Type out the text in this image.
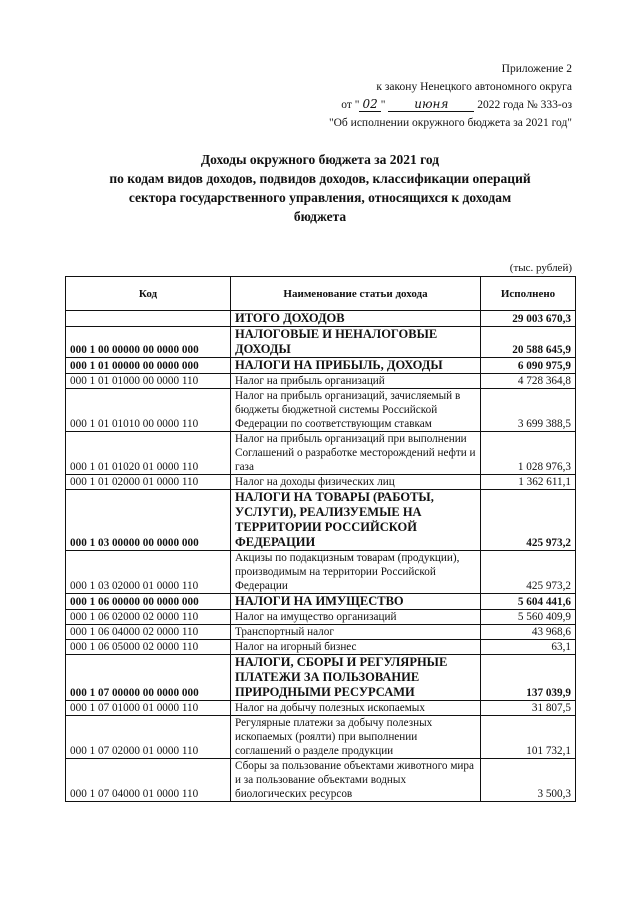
Приложение 2
к закону Ненецкого автономного округа
от " 02 " июня	2022 года № 333-оз
"Об исполнении окружного бюджета за 2021 год"
Доходы окружного бюджета за 2021 год
по кодам видов доходов, подвидов доходов, классификации операций
сектора государственного управления, относящихся к доходам
бюджета
(тыс. рублей)
Код	Наименование статьи дохода	Исполнено
	ИТОГО ДОХОДОВ	29 003 670,3
000 1 00 00000 00 0000 000	НАЛОГОВЫЕ И НЕНАЛОГОВЫЕ ДОХОДЫ	20 588 645,9
000 1 01 00000 00 0000 000	НАЛОГИ НА ПРИБЫЛЬ, ДОХОДЫ	6 090 975,9
000 1 01 01000 00 0000 110	Налог на прибыль организаций	4 728 364,8
000 1 01 01010 00 0000 110	Налог на прибыль организаций, зачисляемый в бюджеты бюджетной системы Российской Федерации по соответствующим ставкам	3 699 388,5
000 1 01 01020 01 0000 110	Налог на прибыль организаций при выполнении Соглашений о разработке месторождений нефти и газа	1 028 976,3
000 1 01 02000 01 0000 110	Налог на доходы физических лиц	1 362 611,1
000 1 03 00000 00 0000 000	НАЛОГИ НА ТОВАРЫ (РАБОТЫ, УСЛУГИ), РЕАЛИЗУЕМЫЕ НА ТЕРРИТОРИИ РОССИЙСКОЙ ФЕДЕРАЦИИ	425 973,2
000 1 03 02000 01 0000 110	Акцизы по подакцизным товарам (продукции), производимым на территории Российской Федерации	425 973,2
000 1 06 00000 00 0000 000	НАЛОГИ НА ИМУЩЕСТВО	5 604 441,6
000 1 06 02000 02 0000 110	Налог на имущество организаций	5 560 409,9
000 1 06 04000 02 0000 110	Транспортный налог	43 968,6
000 1 06 05000 02 0000 110	Налог на игорный бизнес	63,1
000 1 07 00000 00 0000 000	НАЛОГИ, СБОРЫ И РЕГУЛЯРНЫЕ ПЛАТЕЖИ ЗА ПОЛЬЗОВАНИЕ ПРИРОДНЫМИ РЕСУРСАМИ	137 039,9
000 1 07 01000 01 0000 110	Налог на добычу полезных ископаемых	31 807,5
000 1 07 02000 01 0000 110	Регулярные платежи за добычу полезных ископаемых (роялти) при выполнении соглашений о разделе продукции	101 732,1
000 1 07 04000 01 0000 110	Сборы за пользование объектами животного мира и за пользование объектами водных биологических ресурсов	3 500,3
